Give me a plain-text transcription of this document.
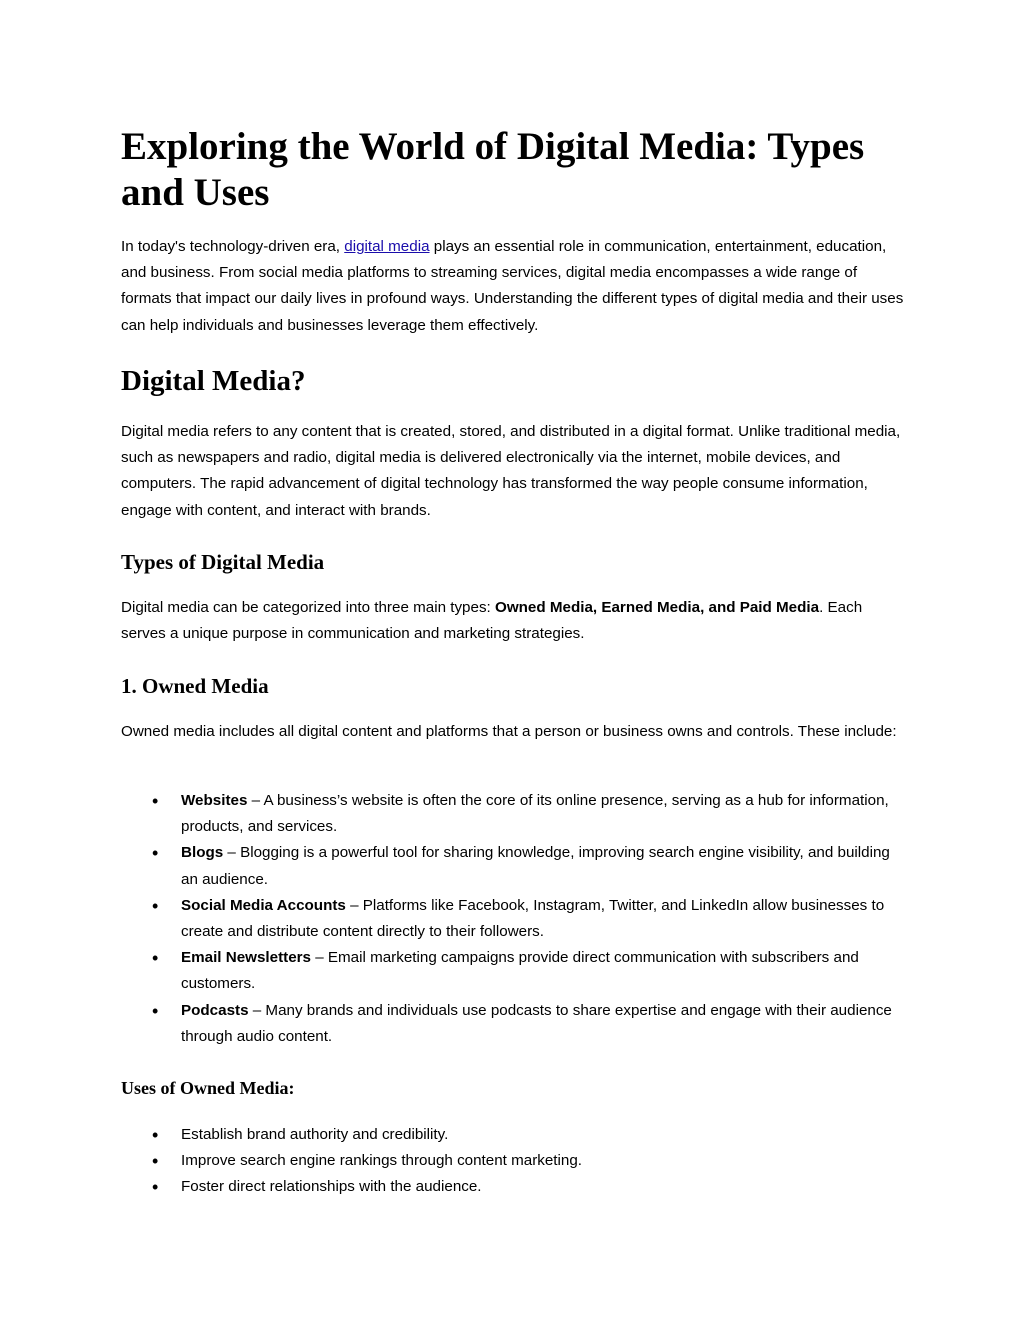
Exploring the World of Digital Media: Types and Uses

In today's technology-driven era, digital media plays an essential role in communication, entertainment, education, and business. From social media platforms to streaming services, digital media encompasses a wide range of formats that impact our daily lives in profound ways. Understanding the different types of digital media and their uses can help individuals and businesses leverage them effectively.

Digital Media?

Digital media refers to any content that is created, stored, and distributed in a digital format. Unlike traditional media, such as newspapers and radio, digital media is delivered electronically via the internet, mobile devices, and computers. The rapid advancement of digital technology has transformed the way people consume information, engage with content, and interact with brands.

Types of Digital Media

Digital media can be categorized into three main types: Owned Media, Earned Media, and Paid Media. Each serves a unique purpose in communication and marketing strategies.

1. Owned Media

Owned media includes all digital content and platforms that a person or business owns and controls. These include:

• Websites – A business’s website is often the core of its online presence, serving as a hub for information, products, and services.
• Blogs – Blogging is a powerful tool for sharing knowledge, improving search engine visibility, and building an audience.
• Social Media Accounts – Platforms like Facebook, Instagram, Twitter, and LinkedIn allow businesses to create and distribute content directly to their followers.
• Email Newsletters – Email marketing campaigns provide direct communication with subscribers and customers.
• Podcasts – Many brands and individuals use podcasts to share expertise and engage with their audience through audio content.
Uses of Owned Media:
• Establish brand authority and credibility.
• Improve search engine rankings through content marketing.
• Foster direct relationships with the audience.
